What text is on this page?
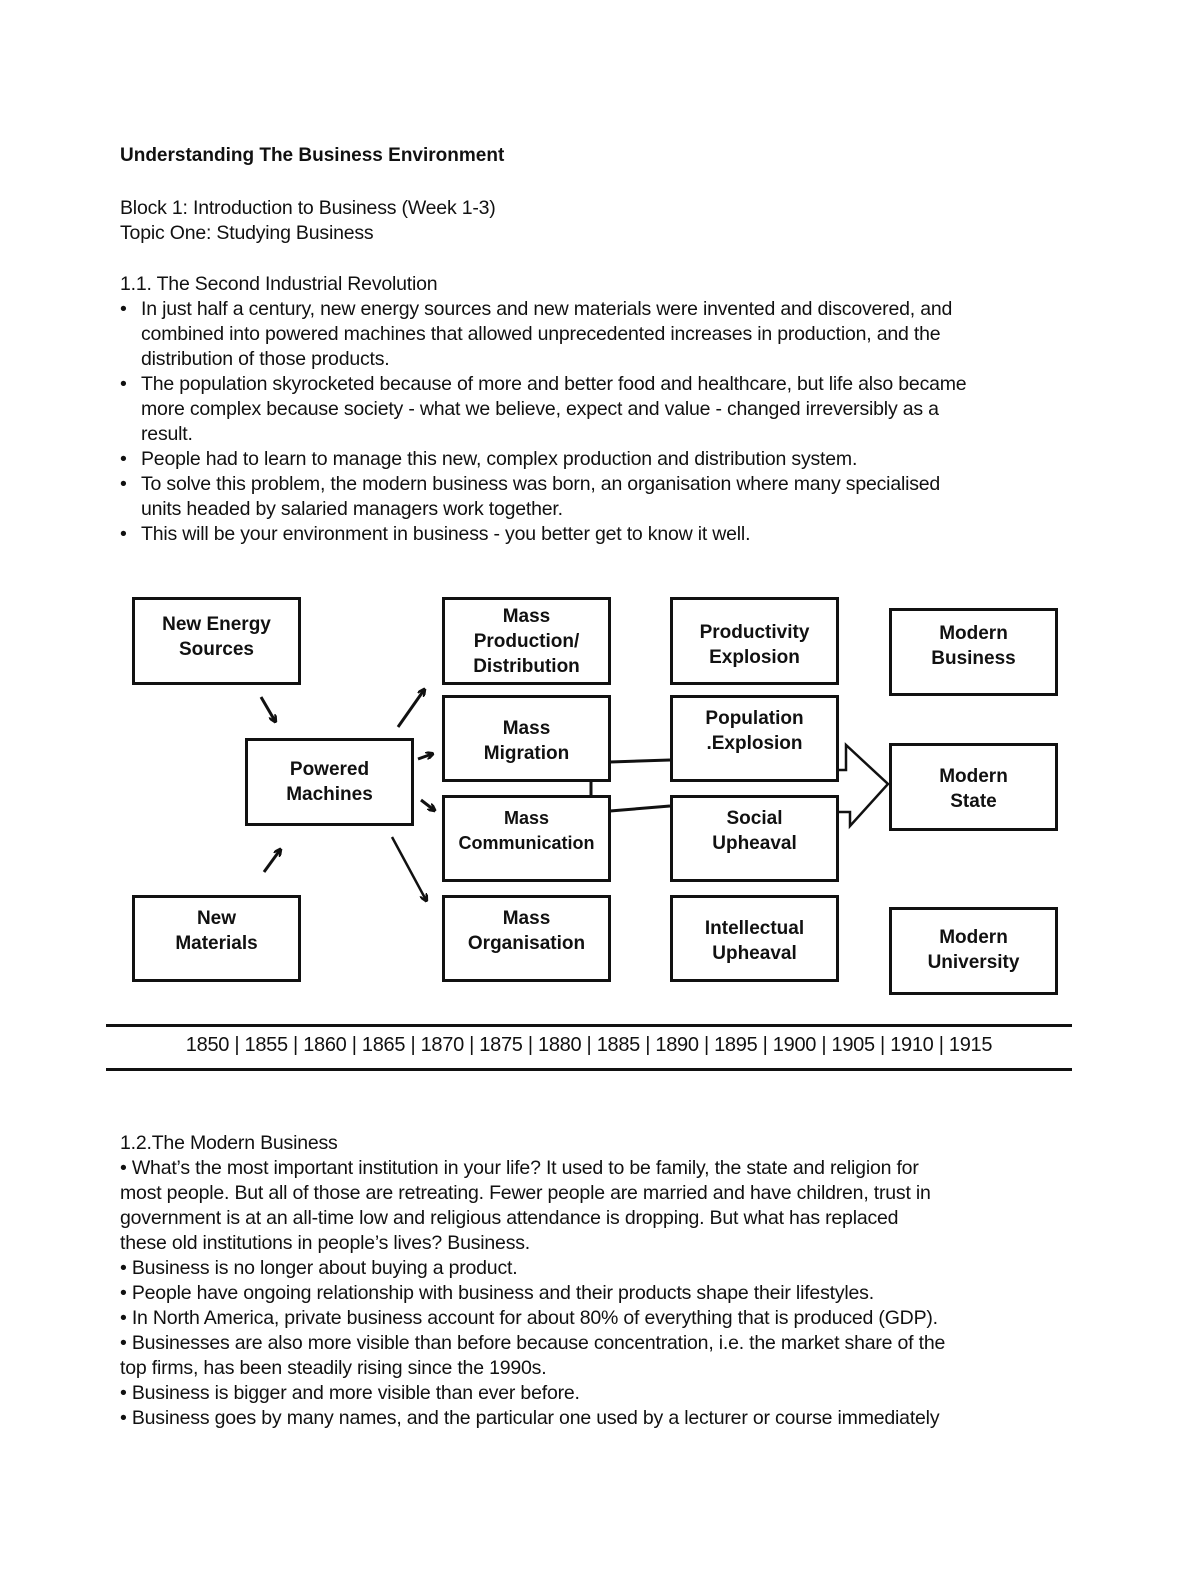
Understanding The Business Environment
Block 1: Introduction to Business (Week 1-3)
Topic One: Studying Business
1.1. The Second Industrial Revolution
• In just half a century, new energy sources and new materials were invented and discovered, and
combined into powered machines that allowed unprecedented increases in production, and the
distribution of those products.
• The population skyrocketed because of more and better food and healthcare, but life also became
more complex because society - what we believe, expect and value - changed irreversibly as a
result.
• People had to learn to manage this new, complex production and distribution system.
• To solve this problem, the modern business was born, an organisation where many specialised
units headed by salaried managers work together.
• This will be your environment in business - you better get to know it well.
New Energy
Sources
Powered
Machines
New
Materials
Mass
Production/
Distribution
Mass
Migration
Mass
Communication
Mass
Organisation
Productivity
Explosion
Population
.Explosion
Social
Upheaval
Intellectual
Upheaval
Modern
Business
Modern
State
Modern
University
1850 | 1855 | 1860 | 1865 | 1870 | 1875 | 1880 | 1885 | 1890 | 1895 | 1900 | 1905 | 1910 | 1915
1.2.The Modern Business
• What’s the most important institution in your life? It used to be family, the state and religion for
most people. But all of those are retreating. Fewer people are married and have children, trust in
government is at an all-time low and religious attendance is dropping. But what has replaced
these old institutions in people’s lives? Business.
• Business is no longer about buying a product.
• People have ongoing relationship with business and their products shape their lifestyles.
• In North America, private business account for about 80% of everything that is produced (GDP).
• Businesses are also more visible than before because concentration, i.e. the market share of the
top firms, has been steadily rising since the 1990s.
• Business is bigger and more visible than ever before.
• Business goes by many names, and the particular one used by a lecturer or course immediately
